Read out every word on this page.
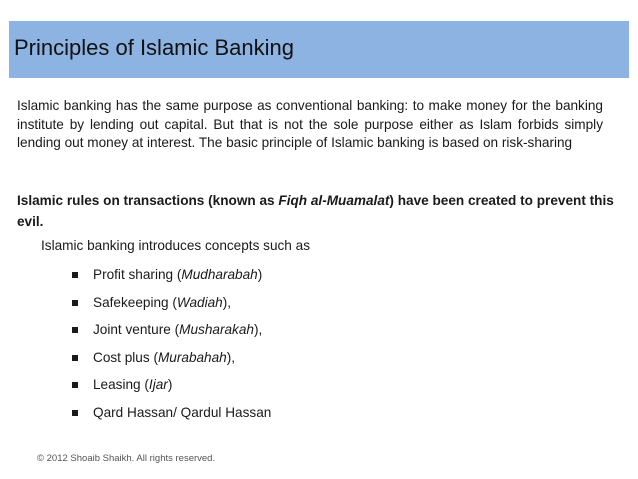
Principles of Islamic Banking
Islamic banking has the same purpose as conventional banking: to make money for the banking institute by lending out capital. But that is not the sole purpose either as Islam forbids simply lending out money at interest. The basic principle of Islamic banking is based on risk-sharing
Islamic rules on transactions (known as Fiqh al-Muamalat) have been created to prevent this evil.
Islamic banking introduces concepts such as
Profit sharing (Mudharabah)
Safekeeping (Wadiah),
Joint venture (Musharakah),
Cost plus (Murabahah),
Leasing (Ijar)
Qard Hassan/ Qardul Hassan
© 2012 Shoaib Shaikh. All rights reserved.
